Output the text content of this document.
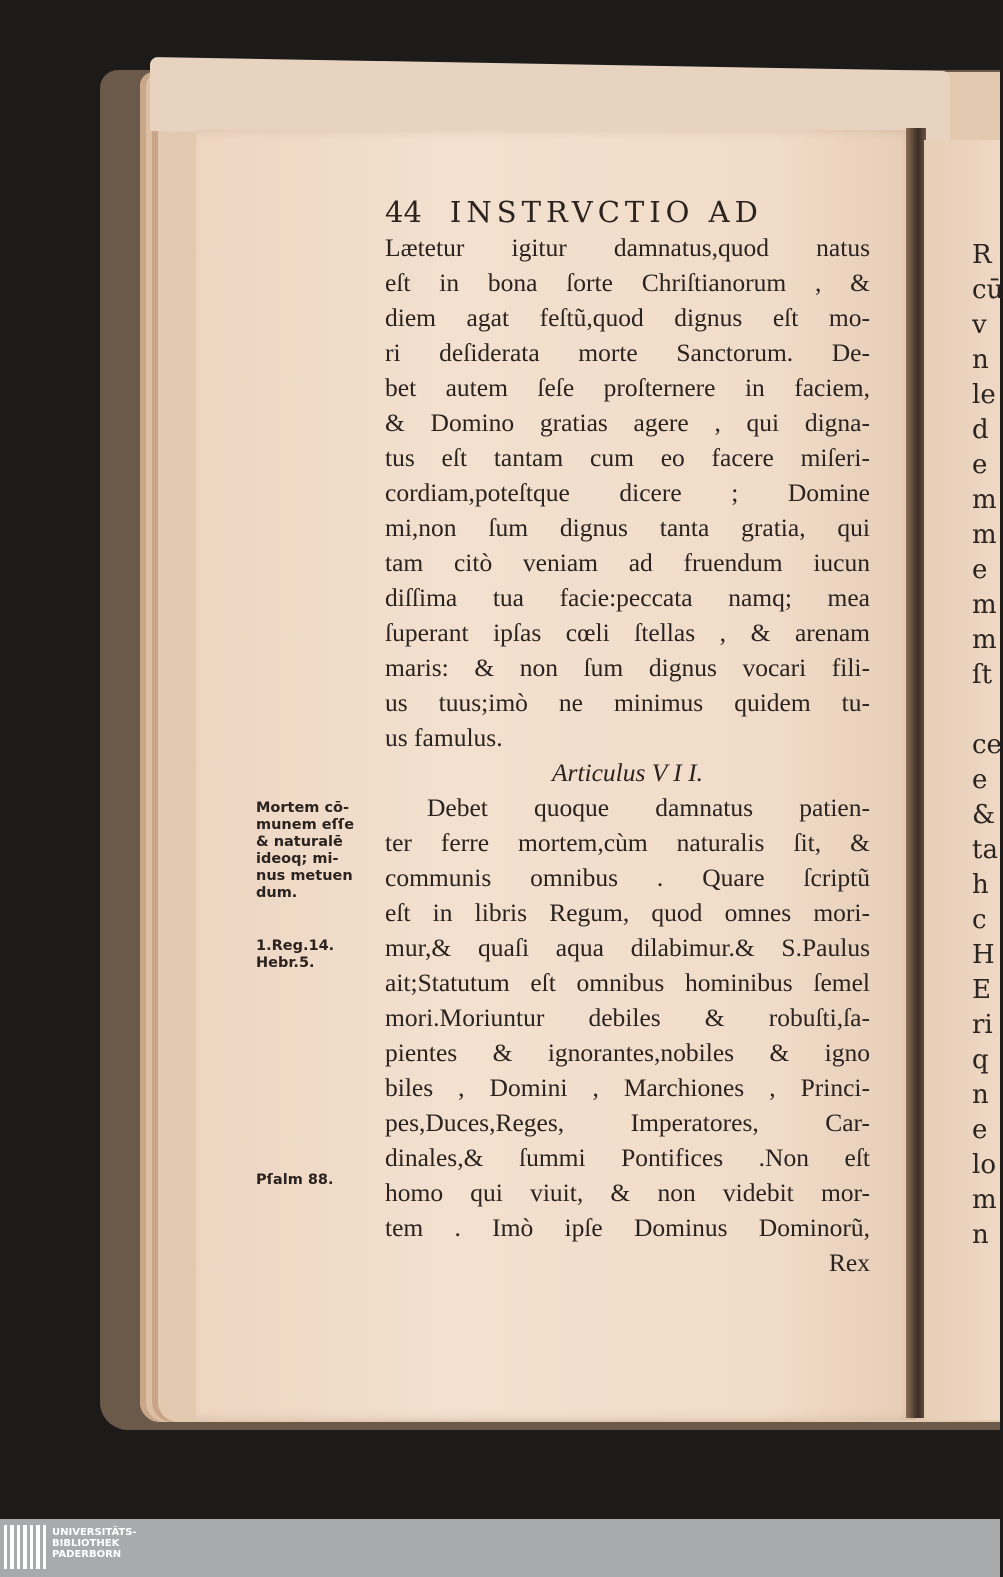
R
cū
v
n
le
d
e
m
m
e
m
m
ſt
ce
e
&
ta
h
c
H
E
ri
q
n
e
lo
m
n
44 INSTRVCTIO AD
Lætetur igitur damnatus,quod natus
eſt in bona ſorte Chriſtianorum , &
diem agat feſtũ,quod dignus eſt mo-
ri deſiderata morte Sanctorum. De-
bet autem ſeſe proſternere in faciem,
& Domino gratias agere , qui digna-
tus eſt tantam cum eo facere miſeri-
cordiam,poteſtque dicere ; Domine
mi,non ſum dignus tanta gratia, qui
tam citò veniam ad fruendum iucun
diſſima tua facie:peccata namq; mea
ſuperant ipſas cœli ſtellas , & arenam
maris: & non ſum dignus vocari fili-
us tuus;imò ne minimus quidem tu-
us famulus.
Articulus V I I.
Debet quoque damnatus patien-
ter ferre mortem,cùm naturalis ſit, &
communis omnibus . Quare ſcriptũ
eſt in libris Regum, quod omnes mori-
mur,& quaſi aqua dilabimur.& S.Paulus
ait;Statutum eſt omnibus hominibus ſemel
mori.Moriuntur debiles & robuſti,ſa-
pientes & ignorantes,nobiles & igno
biles , Domini , Marchiones , Princi-
pes,Duces,Reges, Imperatores, Car-
dinales,& ſummi Pontifices .Non eſt
homo qui viuit, & non videbit mor-
tem . Imò ipſe Dominus Dominorũ,
Rex
Mortem cō-
munem eſſe
& naturalē
ideoq; mi-
nus metuen
dum.
1.Reg.14.
Hebr.5.
Pſalm 88.
UNIVERSITÄTS-
BIBLIOTHEK
PADERBORN
